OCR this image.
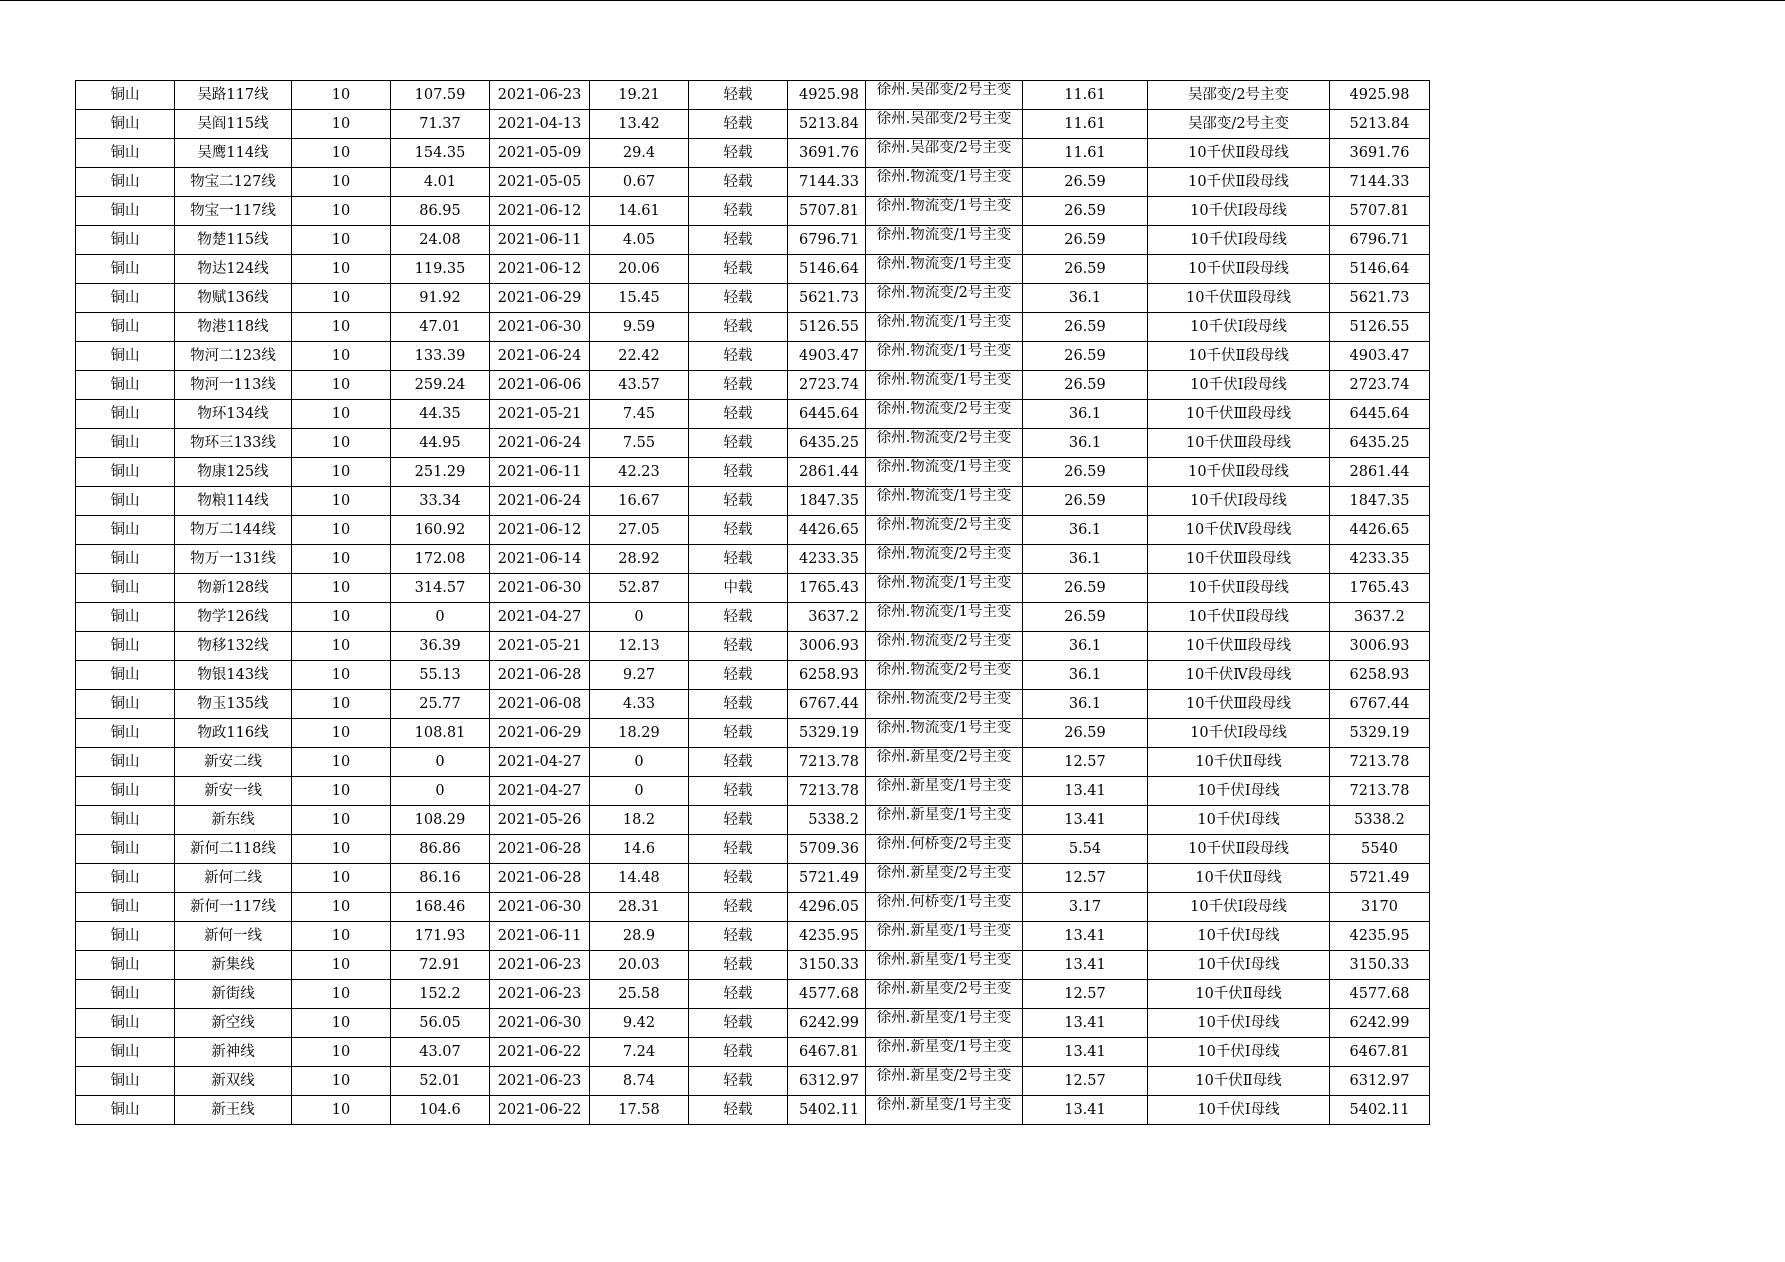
铜山	吴路117线	10	107.59	2021-06-23	19.21	轻载	4925.98	徐州.吴邵变/2号主变	11.61	吴邵变/2号主变	4925.98
铜山	吴阎115线	10	71.37	2021-04-13	13.42	轻载	5213.84	徐州.吴邵变/2号主变	11.61	吴邵变/2号主变	5213.84
铜山	吴鹰114线	10	154.35	2021-05-09	29.4	轻载	3691.76	徐州.吴邵变/2号主变	11.61	10千伏Ⅱ段母线	3691.76
铜山	物宝二127线	10	4.01	2021-05-05	0.67	轻载	7144.33	徐州.物流变/1号主变	26.59	10千伏Ⅱ段母线	7144.33
铜山	物宝一117线	10	86.95	2021-06-12	14.61	轻载	5707.81	徐州.物流变/1号主变	26.59	10千伏Ⅰ段母线	5707.81
铜山	物楚115线	10	24.08	2021-06-11	4.05	轻载	6796.71	徐州.物流变/1号主变	26.59	10千伏Ⅰ段母线	6796.71
铜山	物达124线	10	119.35	2021-06-12	20.06	轻载	5146.64	徐州.物流变/1号主变	26.59	10千伏Ⅱ段母线	5146.64
铜山	物赋136线	10	91.92	2021-06-29	15.45	轻载	5621.73	徐州.物流变/2号主变	36.1	10千伏Ⅲ段母线	5621.73
铜山	物港118线	10	47.01	2021-06-30	9.59	轻载	5126.55	徐州.物流变/1号主变	26.59	10千伏Ⅰ段母线	5126.55
铜山	物河二123线	10	133.39	2021-06-24	22.42	轻载	4903.47	徐州.物流变/1号主变	26.59	10千伏Ⅱ段母线	4903.47
铜山	物河一113线	10	259.24	2021-06-06	43.57	轻载	2723.74	徐州.物流变/1号主变	26.59	10千伏Ⅰ段母线	2723.74
铜山	物环134线	10	44.35	2021-05-21	7.45	轻载	6445.64	徐州.物流变/2号主变	36.1	10千伏Ⅲ段母线	6445.64
铜山	物环三133线	10	44.95	2021-06-24	7.55	轻载	6435.25	徐州.物流变/2号主变	36.1	10千伏Ⅲ段母线	6435.25
铜山	物康125线	10	251.29	2021-06-11	42.23	轻载	2861.44	徐州.物流变/1号主变	26.59	10千伏Ⅱ段母线	2861.44
铜山	物粮114线	10	33.34	2021-06-24	16.67	轻载	1847.35	徐州.物流变/1号主变	26.59	10千伏Ⅰ段母线	1847.35
铜山	物万二144线	10	160.92	2021-06-12	27.05	轻载	4426.65	徐州.物流变/2号主变	36.1	10千伏Ⅳ段母线	4426.65
铜山	物万一131线	10	172.08	2021-06-14	28.92	轻载	4233.35	徐州.物流变/2号主变	36.1	10千伏Ⅲ段母线	4233.35
铜山	物新128线	10	314.57	2021-06-30	52.87	中载	1765.43	徐州.物流变/1号主变	26.59	10千伏Ⅱ段母线	1765.43
铜山	物学126线	10	0	2021-04-27	0	轻载	3637.2	徐州.物流变/1号主变	26.59	10千伏Ⅱ段母线	3637.2
铜山	物移132线	10	36.39	2021-05-21	12.13	轻载	3006.93	徐州.物流变/2号主变	36.1	10千伏Ⅲ段母线	3006.93
铜山	物银143线	10	55.13	2021-06-28	9.27	轻载	6258.93	徐州.物流变/2号主变	36.1	10千伏Ⅳ段母线	6258.93
铜山	物玉135线	10	25.77	2021-06-08	4.33	轻载	6767.44	徐州.物流变/2号主变	36.1	10千伏Ⅲ段母线	6767.44
铜山	物政116线	10	108.81	2021-06-29	18.29	轻载	5329.19	徐州.物流变/1号主变	26.59	10千伏Ⅰ段母线	5329.19
铜山	新安二线	10	0	2021-04-27	0	轻载	7213.78	徐州.新星变/2号主变	12.57	10千伏Ⅱ母线	7213.78
铜山	新安一线	10	0	2021-04-27	0	轻载	7213.78	徐州.新星变/1号主变	13.41	10千伏Ⅰ母线	7213.78
铜山	新东线	10	108.29	2021-05-26	18.2	轻载	5338.2	徐州.新星变/1号主变	13.41	10千伏Ⅰ母线	5338.2
铜山	新何二118线	10	86.86	2021-06-28	14.6	轻载	5709.36	徐州.何桥变/2号主变	5.54	10千伏Ⅱ段母线	5540
铜山	新何二线	10	86.16	2021-06-28	14.48	轻载	5721.49	徐州.新星变/2号主变	12.57	10千伏Ⅱ母线	5721.49
铜山	新何一117线	10	168.46	2021-06-30	28.31	轻载	4296.05	徐州.何桥变/1号主变	3.17	10千伏Ⅰ段母线	3170
铜山	新何一线	10	171.93	2021-06-11	28.9	轻载	4235.95	徐州.新星变/1号主变	13.41	10千伏Ⅰ母线	4235.95
铜山	新集线	10	72.91	2021-06-23	20.03	轻载	3150.33	徐州.新星变/1号主变	13.41	10千伏Ⅰ母线	3150.33
铜山	新街线	10	152.2	2021-06-23	25.58	轻载	4577.68	徐州.新星变/2号主变	12.57	10千伏Ⅱ母线	4577.68
铜山	新空线	10	56.05	2021-06-30	9.42	轻载	6242.99	徐州.新星变/1号主变	13.41	10千伏Ⅰ母线	6242.99
铜山	新神线	10	43.07	2021-06-22	7.24	轻载	6467.81	徐州.新星变/1号主变	13.41	10千伏Ⅰ母线	6467.81
铜山	新双线	10	52.01	2021-06-23	8.74	轻载	6312.97	徐州.新星变/2号主变	12.57	10千伏Ⅱ母线	6312.97
铜山	新王线	10	104.6	2021-06-22	17.58	轻载	5402.11	徐州.新星变/1号主变	13.41	10千伏Ⅰ母线	5402.11
